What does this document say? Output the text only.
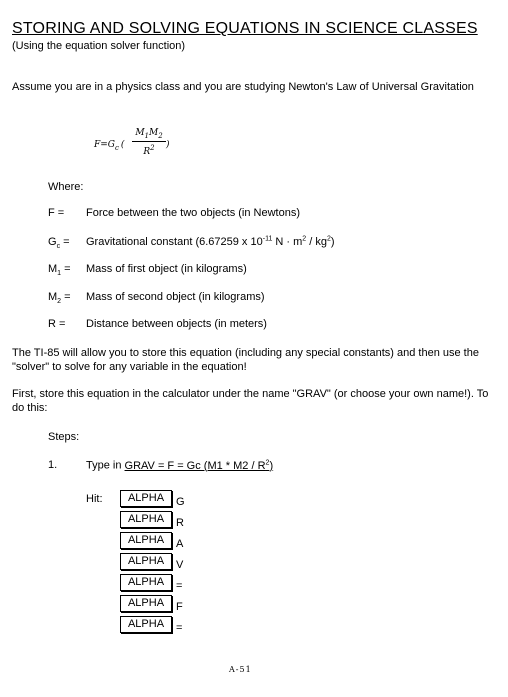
STORING AND SOLVING EQUATIONS IN SCIENCE CLASSES
(Using the equation solver function)
Assume you are in a physics class and you are studying Newton's Law of Universal Gravitation
$F=G_c$ ( $\frac{M_1M_2}{R^2}$ )
Where:
F = Force between the two objects (in Newtons)
$G_c$ = Gravitational constant (6.67259 x $10^{-11}$ $N \cdot m^2 / kg^2$)
$M_1$ = Mass of first object (in kilograms)
$M_2$ = Mass of second object (in kilograms)
R = Distance between objects (in meters)
The TI-85 will allow you to store this equation (including any special constants) and then use the "solver" to solve for any variable in the equation!
First, store this equation in the calculator under the name "GRAV" (or choose your own name!). To do this:
Steps:
1.	Type in GRAV = F = Gc $(M1 * M2 / R^2)$
Hit:	ALPHA G
ALPHA R
ALPHA A
ALPHA V
ALPHA =
ALPHA F
ALPHA =
A-51
